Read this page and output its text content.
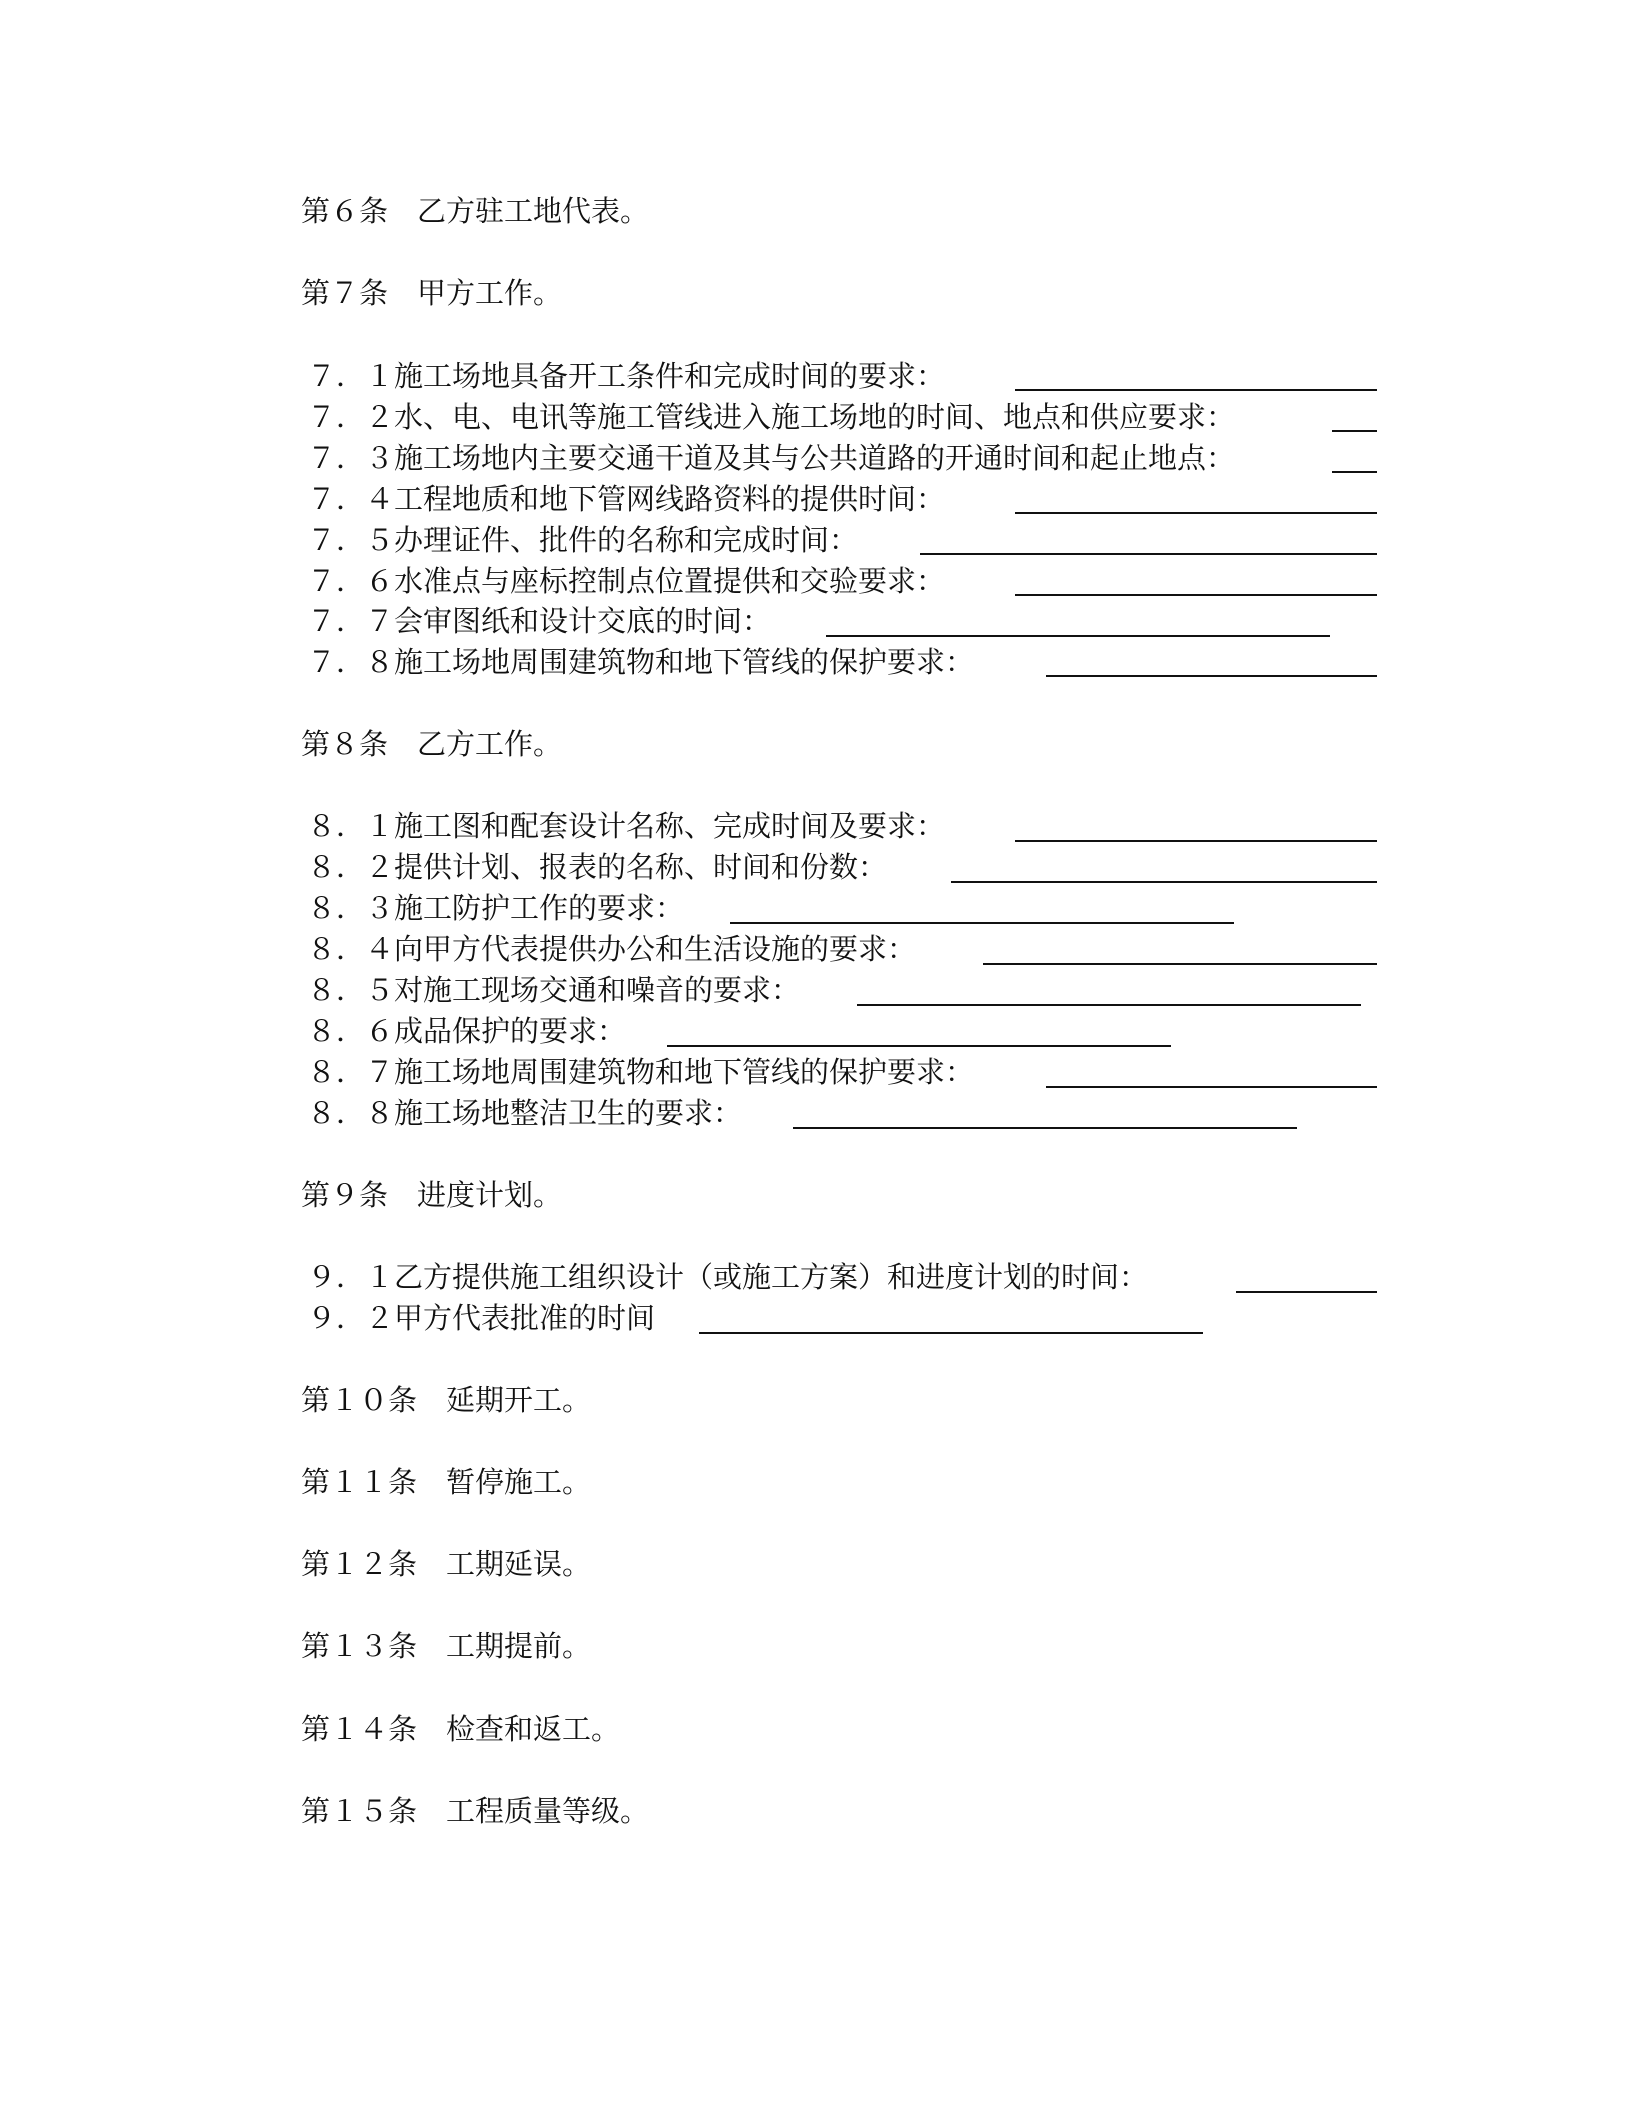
第６条　乙方驻工地代表。
第７条　甲方工作。
７．１施工场地具备开工条件和完成时间的要求：
７．２水、电、电讯等施工管线进入施工场地的时间、地点和供应要求：
７．３施工场地内主要交通干道及其与公共道路的开通时间和起止地点：
７．４工程地质和地下管网线路资料的提供时间：
７．５办理证件、批件的名称和完成时间：
７．６水准点与座标控制点位置提供和交验要求：
７．７会审图纸和设计交底的时间：
７．８施工场地周围建筑物和地下管线的保护要求：
第８条　乙方工作。
８．１施工图和配套设计名称、完成时间及要求：
８．２提供计划、报表的名称、时间和份数：
８．３施工防护工作的要求：
８．４向甲方代表提供办公和生活设施的要求：
８．５对施工现场交通和噪音的要求：
８．６成品保护的要求：
８．７施工场地周围建筑物和地下管线的保护要求：
８．８施工场地整洁卫生的要求：
第９条　进度计划。
９．１乙方提供施工组织设计（或施工方案）和进度计划的时间：
９．２甲方代表批准的时间
第１０条　延期开工。
第１１条　暂停施工。
第１２条　工期延误。
第１３条　工期提前。
第１４条　检查和返工。
第１５条　工程质量等级。
